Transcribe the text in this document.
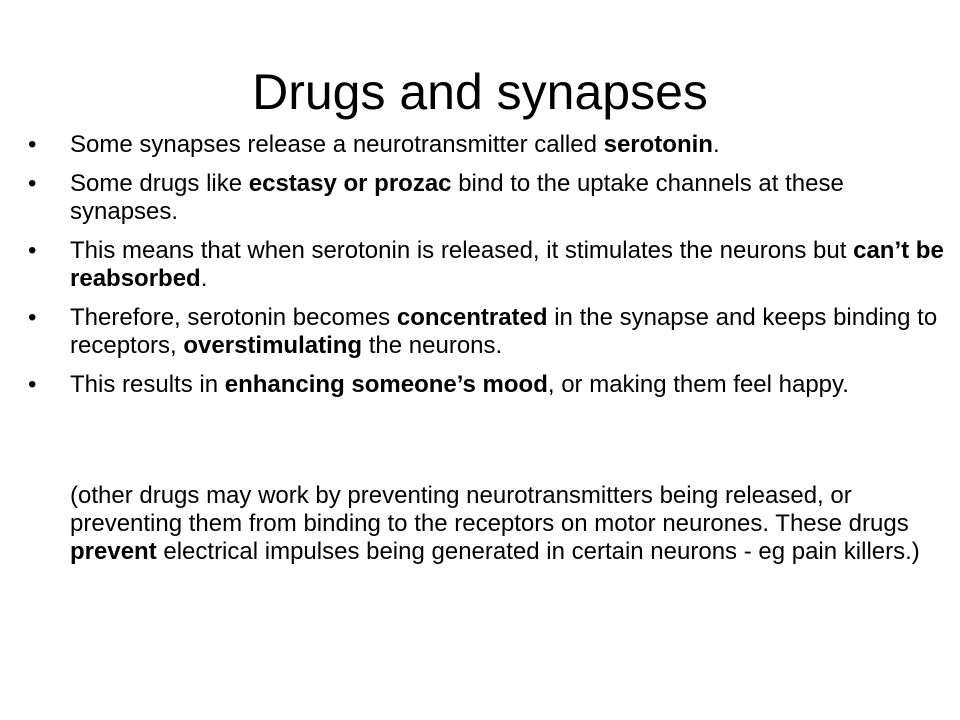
Drugs and synapses
• Some synapses release a neurotransmitter called serotonin.
• Some drugs like ecstasy or prozac bind to the uptake channels at these synapses.
• This means that when serotonin is released, it stimulates the neurons but can’t be reabsorbed.
• Therefore, serotonin becomes concentrated in the synapse and keeps binding to receptors, overstimulating the neurons.
• This results in enhancing someone’s mood, or making them feel happy.

(other drugs may work by preventing neurotransmitters being released, or preventing them from binding to the receptors on motor neurones. These drugs prevent electrical impulses being generated in certain neurons - eg pain killers.)
